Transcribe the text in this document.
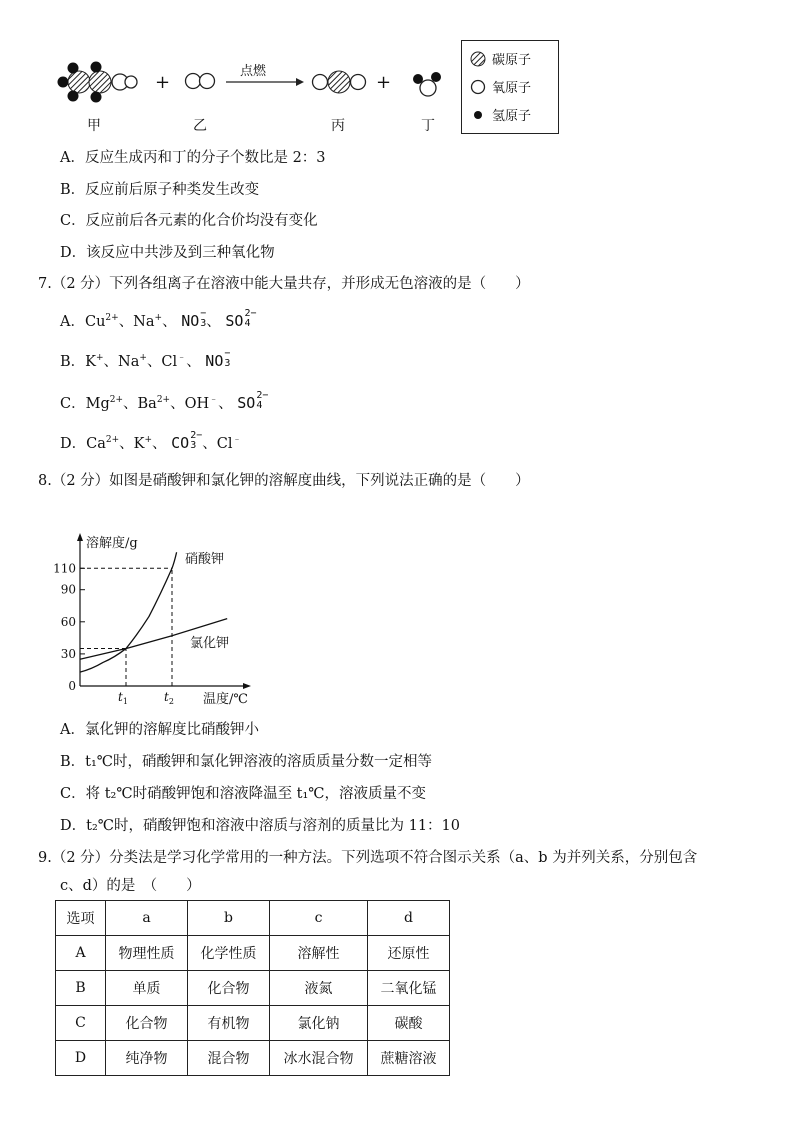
+
点燃
+
甲	乙	丙	丁
碳原子
氧原子
氢原子
A．反应生成丙和丁的分子个数比是 2：3
B．反应前后原子种类发生改变
C．反应前后各元素的化合价均没有变化
D．该反应中共涉及到三种氧化物
7.（2 分）下列各组离子在溶液中能大量共存，并形成无色溶液的是（　　）
A．$Cu^{2+}$、Na+、 NO −
3 、 SO 2−
4
B．K+、Na+、Cl﹣、 NO −
3
C．$Mg^{2+}$、$Ba^{2+}$、OH﹣、 SO 2−
4
D．$Ca^{2+}$、K+、 CO 2−
3 、Cl﹣
8.（2 分）如图是硝酸钾和氯化钾的溶解度曲线，下列说法正确的是（　　）
溶解度/g
温度/℃
0
30
60
90
110
$t_1$	$t_2$
硝酸钾
氯化钾
A．氯化钾的溶解度比硝酸钾小
B．t₁℃时，硝酸钾和氯化钾溶液的溶质质量分数一定相等
C．将 t₂℃时硝酸钾饱和溶液降温至 t₁℃，溶液质量不变
D．t₂℃时，硝酸钾饱和溶液中溶质与溶剂的质量比为 11：10
9.（2 分）分类法是学习化学常用的一种方法。下列选项不符合图示关系（a、b 为并列关系，分别包含
c、d）的是　（　　）
选项	a	b	c	d
A	物理性质	化学性质	溶解性	还原性
B	单质	化合物	液氮	二氧化锰
C	化合物	有机物	氯化钠	碳酸
D	纯净物	混合物	冰水混合物	蔗糖溶液
